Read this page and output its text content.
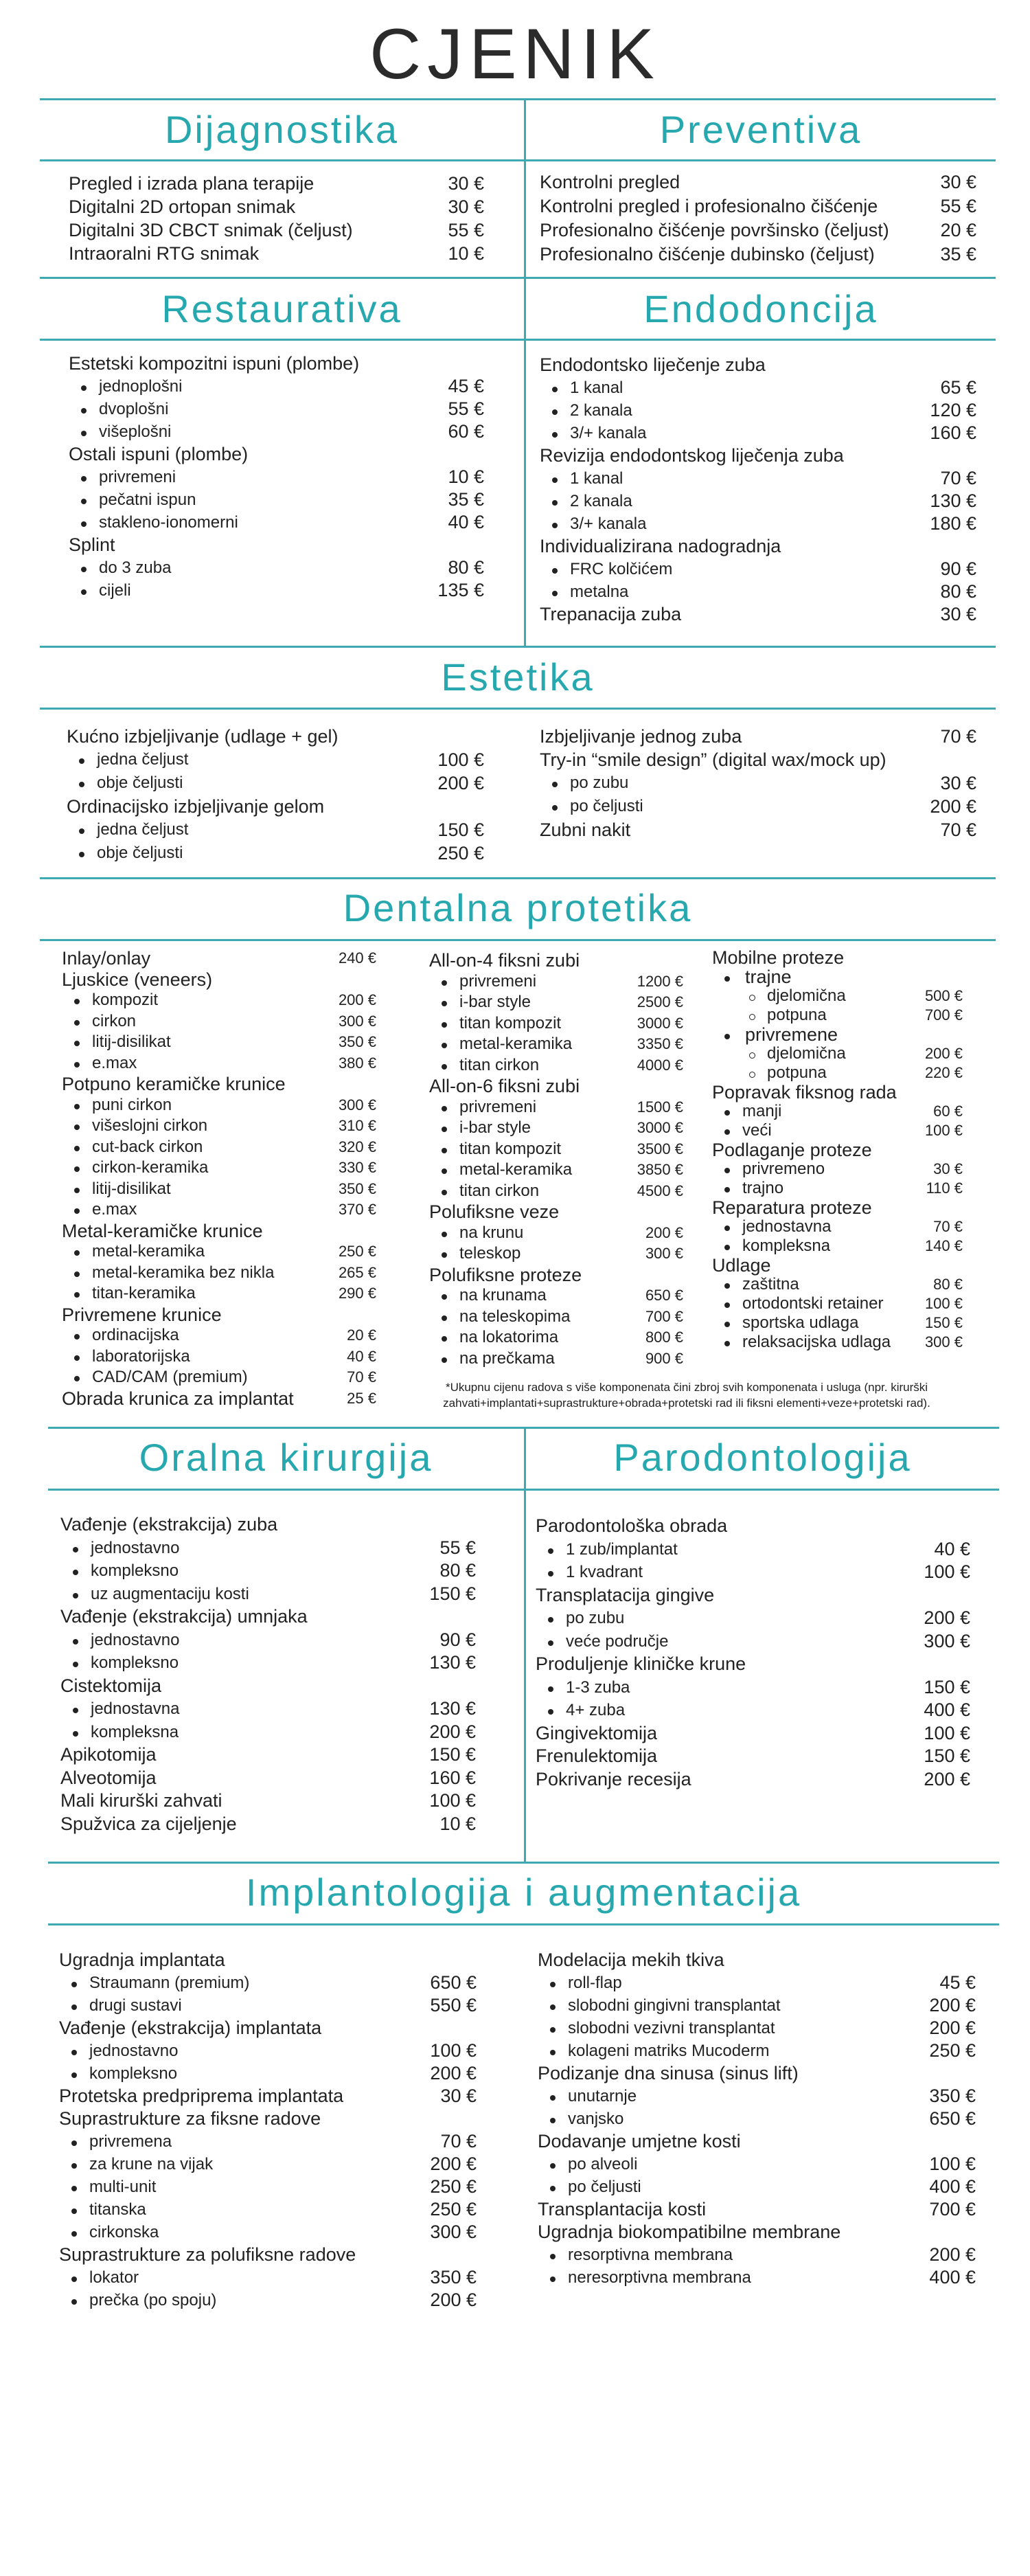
CJENIK
Dijagnostika	Preventiva
Pregled i izrada plana terapije	30 €
Digitalni 2D ortopan snimak	30 €
Digitalni 3D CBCT snimak (čeljust)	55 €
Intraoralni RTG snimak	10 €
Kontrolni pregled	30 €
Kontrolni pregled i profesionalno čišćenje	55 €
Profesionalno čišćenje površinsko (čeljust)	20 €
Profesionalno čišćenje dubinsko (čeljust)	35 €
Restaurativa	Endodoncija
Estetski kompozitni ispuni (plombe)
jednoplošni	45 €
dvoplošni	55 €
višeplošni	60 €
Ostali ispuni (plombe)
privremeni	10 €
pečatni ispun	35 €
stakleno-ionomerni	40 €
Splint
do 3 zuba	80 €
cijeli	135 €
Endodontsko liječenje zuba
1 kanal	65 €
2 kanala	120 €
3/+ kanala	160 €
Revizija endodontskog liječenja zuba
1 kanal	70 €
2 kanala	130 €
3/+ kanala	180 €
Individualizirana nadogradnja
FRC kolčićem	90 €
metalna	80 €
Trepanacija zuba	30 €
Estetika
Kućno izbjeljivanje (udlage + gel)
jedna čeljust	100 €
obje čeljusti	200 €
Ordinacijsko izbjeljivanje gelom
jedna čeljust	150 €
obje čeljusti	250 €
Izbjeljivanje jednog zuba	70 €
Try-in “smile design” (digital wax/mock up)
po zubu	30 €
po čeljusti	200 €
Zubni nakit	70 €
Dentalna protetika
Inlay/onlay	240 €
Ljuskice (veneers)
kompozit	200 €
cirkon	300 €
litij-disilikat	350 €
e.max	380 €
Potpuno keramičke krunice
puni cirkon	300 €
višeslojni cirkon	310 €
cut-back cirkon	320 €
cirkon-keramika	330 €
litij-disilikat	350 €
e.max	370 €
Metal-keramičke krunice
metal-keramika	250 €
metal-keramika bez nikla	265 €
titan-keramika	290 €
Privremene krunice
ordinacijska	20 €
laboratorijska	40 €
CAD/CAM (premium)	70 €
Obrada krunica za implantat	25 €
All-on-4 fiksni zubi
privremeni	1200 €
i-bar style	2500 €
titan kompozit	3000 €
metal-keramika	3350 €
titan cirkon	4000 €
All-on-6 fiksni zubi
privremeni	1500 €
i-bar style	3000 €
titan kompozit	3500 €
metal-keramika	3850 €
titan cirkon	4500 €
Polufiksne veze
na krunu	200 €
teleskop	300 €
Polufiksne proteze
na krunama	650 €
na teleskopima	700 €
na lokatorima	800 €
na prečkama	900 €
Mobilne proteze
trajne
djelomična	500 €
potpuna	700 €
privremene
djelomična	200 €
potpuna	220 €
Popravak fiksnog rada
manji	60 €
veći	100 €
Podlaganje proteze
privremeno	30 €
trajno	110 €
Reparatura proteze
jednostavna	70 €
kompleksna	140 €
Udlage
zaštitna	80 €
ortodontski retainer	100 €
sportska udlaga	150 €
relaksacijska udlaga 300 €
*Ukupnu cijenu radova s više komponenata čini zbroj svih komponenata i usluga (npr. kirurški
zahvati+implantati+suprastrukture+obrada+protetski rad ili fiksni elementi+veze+protetski rad).
Oralna kirurgija	Parodontologija
Vađenje (ekstrakcija) zuba
jednostavno	55 €
kompleksno	80 €
uz augmentaciju kosti	150 €
Vađenje (ekstrakcija) umnjaka
jednostavno	90 €
kompleksno	130 €
Cistektomija
jednostavna	130 €
kompleksna	200 €
Apikotomija	150 €
Alveotomija	160 €
Mali kirurški zahvati	100 €
Spužvica za cijeljenje	10 €
Parodontološka obrada
1 zub/implantat	40 €
1 kvadrant	100 €
Transplatacija gingive
po zubu	200 €
veće područje	300 €
Produljenje kliničke krune
1-3 zuba	150 €
4+ zuba	400 €
Gingivektomija	100 €
Frenulektomija	150 €
Pokrivanje recesija	200 €
Implantologija i augmentacija
Ugradnja implantata
Straumann (premium)	650 €
drugi sustavi	550 €
Vađenje (ekstrakcija) implantata
jednostavno	100 €
kompleksno	200 €
Protetska predpriprema implantata	30 €
Suprastrukture za fiksne radove
privremena	70 €
za krune na vijak	200 €
multi-unit	250 €
titanska	250 €
cirkonska	300 €
Suprastrukture za polufiksne radove
lokator	350 €
prečka (po spoju)	200 €
Modelacija mekih tkiva
roll-flap	45 €
slobodni gingivni transplantat	200 €
slobodni vezivni transplantat	200 €
kolageni matriks Mucoderm	250 €
Podizanje dna sinusa (sinus lift)
unutarnje	350 €
vanjsko	650 €
Dodavanje umjetne kosti
po alveoli	100 €
po čeljusti	400 €
Transplantacija kosti	700 €
Ugradnja biokompatibilne membrane
resorptivna membrana	200 €
neresorptivna membrana	400 €
